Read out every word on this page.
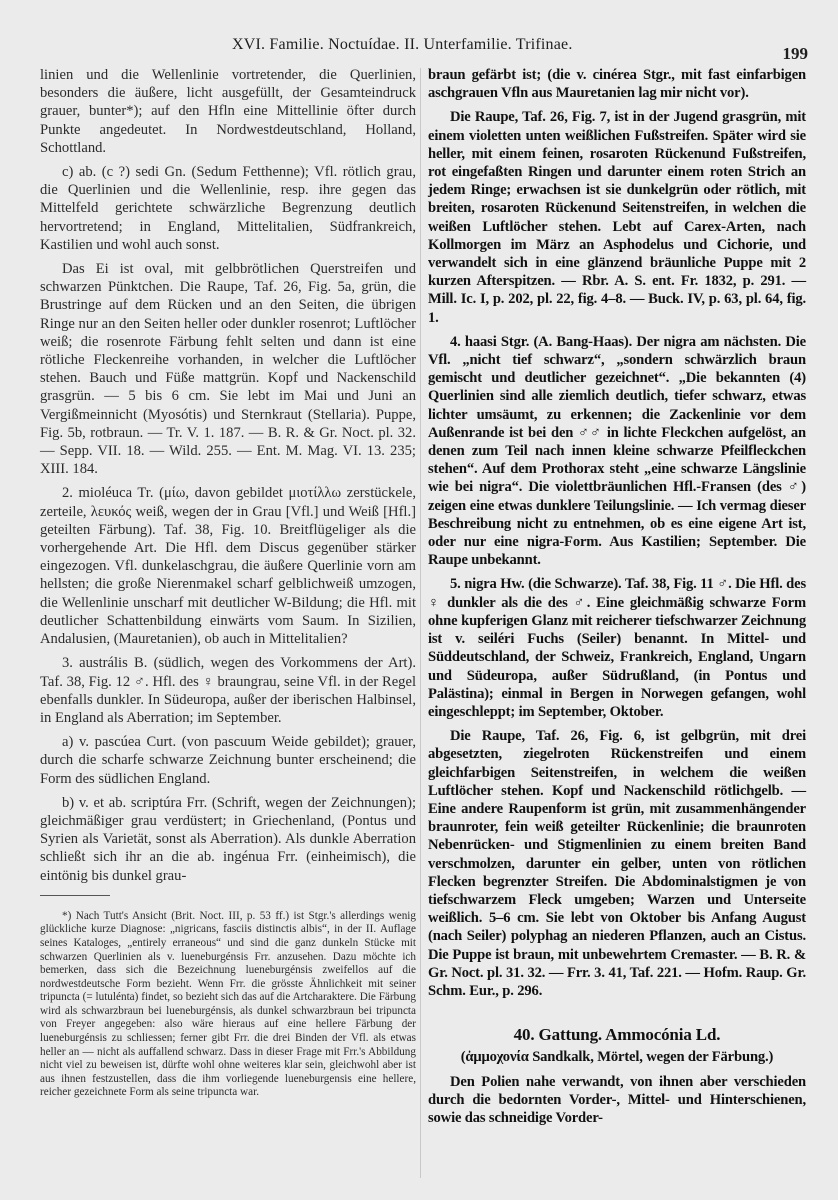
XVI. Familie. Noctuídae. II. Unterfamilie. Trifinae.	199

linien und die Wellenlinie vortretender, die Querlinien, besonders die äußere, licht ausgefüllt, der Gesamteindruck grauer, bunter*); auf den Hfln eine Mittellinie öfter durch Punkte angedeutet. In Nordwestdeutschland, Holland, Schottland.

c) ab. (c ?) sedi Gn. (Sedum Fetthenne); Vfl. rötlich grau, die Querlinien und die Wellenlinie, resp. ihre gegen das Mittelfeld gerichtete schwärzliche Begrenzung deutlich hervortretend; in England, Mittelitalien, Südfrankreich, Kastilien und wohl auch sonst.

Das Ei ist oval, mit gelbbrötlichen Querstreifen und schwarzen Pünktchen. Die Raupe, Taf. 26, Fig. 5a, grün, die Brustringe auf dem Rücken und an den Seiten, die übrigen Ringe nur an den Seiten heller oder dunkler rosenrot; Luftlöcher weiß; die rosenrote Färbung fehlt selten und dann ist eine rötliche Fleckenreihe vorhanden, in welcher die Luftlöcher stehen. Bauch und Füße mattgrün. Kopf und Nackenschild grasgrün. — 5 bis 6 cm. Sie lebt im Mai und Juni an Vergißmeinnicht (Myosótis) und Sternkraut (Stellaria). Puppe, Fig. 5b, rotbraun. — Tr. V. 1. 187. — B. R. & Gr. Noct. pl. 32. — Sepp. VII. 18. — Wild. 255. — Ent. M. Mag. VI. 13. 235; XIII. 184.

2. mioléuca Tr. (μίω, davon gebildet μιοτίλλω zerstückele, zerteile, λευκός weiß, wegen der in Grau [Vfl.] und Weiß [Hfl.] geteilten Färbung). Taf. 38, Fig. 10. Breitflügeliger als die vorhergehende Art. Die Hfl. dem Discus gegenüber stärker eingezogen. Vfl. dunkelaschgrau, die äußere Querlinie vorn am hellsten; die große Nierenmakel scharf gelblichweiß umzogen, die Wellenlinie unscharf mit deutlicher W-Bildung; die Hfl. mit deutlicher Schattenbildung einwärts vom Saum. In Sizilien, Andalusien, (Mauretanien), ob auch in Mittelitalien?

3. austrális B. (südlich, wegen des Vorkommens der Art). Taf. 38, Fig. 12 ♂. Hfl. des ♀ braungrau, seine Vfl. in der Regel ebenfalls dunkler. In Südeuropa, außer der iberischen Halbinsel, in England als Aberration; im September.

a) v. pascúea Curt. (von pascuum Weide gebildet); grauer, durch die scharfe schwarze Zeichnung bunter erscheinend; die Form des südlichen England.

b) v. et ab. scriptúra Frr. (Schrift, wegen der Zeichnungen); gleichmäßiger grau verdüstert; in Griechenland, (Pontus und Syrien als Varietät, sonst als Aberration). Als dunkle Aberration schließt sich ihr an die ab. ingénua Frr. (einheimisch), die eintönig bis dunkel grau-

*) Nach Tutt's Ansicht (Brit. Noct. III, p. 53 ff.) ist Stgr.'s allerdings wenig glückliche kurze Diagnose: „nigricans, fasciis distinctis albis“, in der II. Auflage seines Kataloges, „entirely erraneous“ und sind die ganz dunkeln Stücke mit schwarzen Querlinien als v. lueneburgénsis Frr. anzusehen. Dazu möchte ich bemerken, dass sich die Bezeichnung lueneburgénsis zweifellos auf die nordwestdeutsche Form bezieht. Wenn Frr. die grösste Ähnlichkeit mit seiner tripuncta (= lutulénta) findet, so bezieht sich das auf die Artcharaktere. Die Färbung wird als schwarzbraun bei lueneburgénsis, als dunkel schwarzbraun bei tripuncta von Freyer angegeben: also wäre hieraus auf eine hellere Färbung der lueneburgénsis zu schliessen; ferner gibt Frr. die drei Binden der Vfl. als etwas heller an — nicht als auffallend schwarz. Dass in dieser Frage mit Frr.'s Abbildung nicht viel zu beweisen ist, dürfte wohl ohne weiteres klar sein, gleichwohl aber ist aus ihnen festzustellen, dass die ihm vorliegende lueneburgensis eine hellere, reicher gezeichnete Form als seine tripuncta war.

braun gefärbt ist; (die v. cinérea Stgr., mit fast einfarbigen aschgrauen Vfln aus Mauretanien lag mir nicht vor).

Die Raupe, Taf. 26, Fig. 7, ist in der Jugend grasgrün, mit einem violetten unten weißlichen Fußstreifen. Später wird sie heller, mit einem feinen, rosaroten Rückenund Fußstreifen, rot eingefaßten Ringen und darunter einem roten Strich an jedem Ringe; erwachsen ist sie dunkelgrün oder rötlich, mit breiten, rosaroten Rückenund Seitenstreifen, in welchen die weißen Luftlöcher stehen. Lebt auf Carex-Arten, nach Kollmorgen im März an Asphodelus und Cichorie, und verwandelt sich in eine glänzend bräunliche Puppe mit 2 kurzen Afterspitzen. — Rbr. A. S. ent. Fr. 1832, p. 291. — Mill. Ic. I, p. 202, pl. 22, fig. 4–8. — Buck. IV, p. 63, pl. 64, fig. 1.

4. haasi Stgr. (A. Bang-Haas). Der nigra am nächsten. Die Vfl. „nicht tief schwarz“, „sondern schwärzlich braun gemischt und deutlicher gezeichnet“. „Die bekannten (4) Querlinien sind alle ziemlich deutlich, tiefer schwarz, etwas lichter umsäumt, zu erkennen; die Zackenlinie vor dem Außenrande ist bei den ♂♂ in lichte Fleckchen aufgelöst, an denen zum Teil nach innen kleine schwarze Pfeilfleckchen stehen“. Auf dem Prothorax steht „eine schwarze Längslinie wie bei nigra“. Die violettbräunlichen Hfl.-Fransen (des ♂) zeigen eine etwas dunklere Teilungslinie. — Ich vermag dieser Beschreibung nicht zu entnehmen, ob es eine eigene Art ist, oder nur eine nigra-Form. Aus Kastilien; September. Die Raupe unbekannt.

5. nigra Hw. (die Schwarze). Taf. 38, Fig. 11 ♂. Die Hfl. des ♀ dunkler als die des ♂. Eine gleichmäßig schwarze Form ohne kupferigen Glanz mit reicherer tiefschwarzer Zeichnung ist v. seiléri Fuchs (Seiler) benannt. In Mittel- und Süddeutschland, der Schweiz, Frankreich, England, Ungarn und Südeuropa, außer Südrußland, (in Pontus und Palästina); einmal in Bergen in Norwegen gefangen, wohl eingeschleppt; im September, Oktober.

Die Raupe, Taf. 26, Fig. 6, ist gelbgrün, mit drei abgesetzten, ziegelroten Rückenstreifen und einem gleichfarbigen Seitenstreifen, in welchem die weißen Luftlöcher stehen. Kopf und Nackenschild rötlichgelb. — Eine andere Raupenform ist grün, mit zusammenhängender braunroter, fein weiß geteilter Rückenlinie; die braunroten Nebenrücken- und Stigmenlinien zu einem breiten Band verschmolzen, darunter ein gelber, unten von rötlichen Flecken begrenzter Streifen. Die Abdominalstigmen je von tiefschwarzem Fleck umgeben; Warzen und Unterseite weißlich. 5–6 cm. Sie lebt von Oktober bis Anfang August (nach Seiler) polyphag an niederen Pflanzen, auch an Cistus. Die Puppe ist braun, mit unbewehrtem Cremaster. — B. R. & Gr. Noct. pl. 31. 32. — Frr. 3. 41, Taf. 221. — Hofm. Raup. Gr. Schm. Eur., p. 296.

40. Gattung. Ammocónia Ld.

(ἀμμοχονία Sandkalk, Mörtel, wegen der Färbung.)

Den Polien nahe verwandt, von ihnen aber verschieden durch die bedornten Vorder-, Mittel- und Hinterschienen, sowie das schneidige Vorder-
